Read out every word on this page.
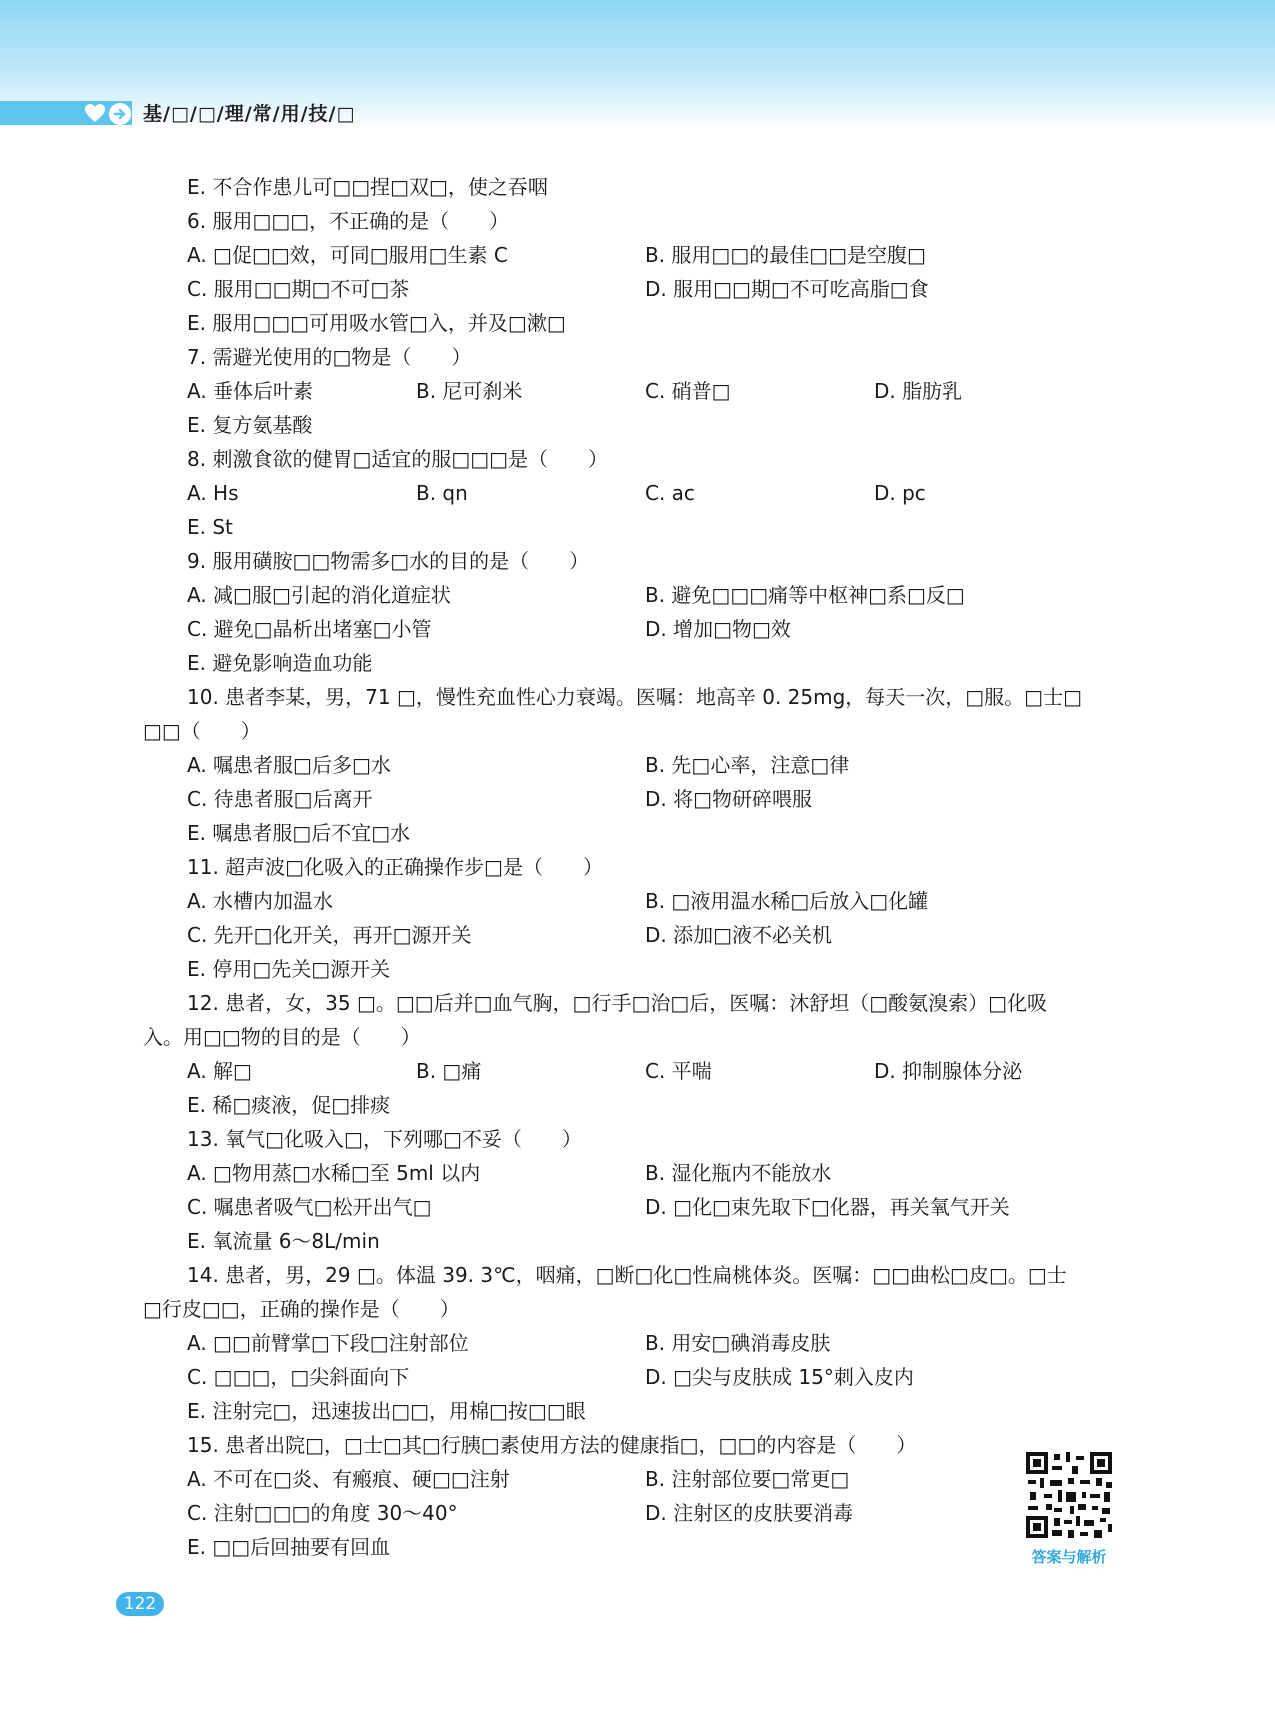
基/□/□/理/常/用/技/□
E. 不合作患儿可□□捏□双□，使之吞咽
6. 服用□□□，不正确的是（　　）
A. □促□□效，可同□服用□生素 C	B. 服用□□的最佳□□是空腹□
C. 服用□□期□不可□茶	D. 服用□□期□不可吃高脂□食
E. 服用□□□可用吸水管□入，并及□漱□
7. 需避光使用的□物是（　　）
A. 垂体后叶素	B. 尼可刹米	C. 硝普□	D. 脂肪乳
E. 复方氨基酸
8. 刺激食欲的健胃□适宜的服□□□是（　　）
A. Hs	B. qn	C. ac	D. pc
E. St
9. 服用磺胺□□物需多□水的目的是（　　）
A. 减□服□引起的消化道症状	B. 避免□□□痛等中枢神□系□反□
C. 避免□晶析出堵塞□小管	D. 增加□物□效
E. 避免影响造血功能
10. 患者李某，男，71 □，慢性充血性心力衰竭。医嘱：地高辛 0. 25mg，每天一次，□服。□士□
□□（　　）
A. 嘱患者服□后多□水	B. 先□心率，注意□律
C. 待患者服□后离开	D. 将□物研碎喂服
E. 嘱患者服□后不宜□水
11. 超声波□化吸入的正确操作步□是（　　）
A. 水槽内加温水	B. □液用温水稀□后放入□化罐
C. 先开□化开关，再开□源开关	D. 添加□液不必关机
E. 停用□先关□源开关
12. 患者，女，35 □。□□后并□血气胸，□行手□治□后，医嘱：沐舒坦（□酸氨溴索）□化吸
入。用□□物的目的是（　　）
A. 解□	B. □痛	C. 平喘	D. 抑制腺体分泌
E. 稀□痰液，促□排痰
13. 氧气□化吸入□，下列哪□不妥（　　）
A. □物用蒸□水稀□至 5ml 以内	B. 湿化瓶内不能放水
C. 嘱患者吸气□松开出气□	D. □化□束先取下□化器，再关氧气开关
E. 氧流量 6～8L/min
14. 患者，男，29 □。体温 39. 3℃，咽痛，□断□化□性扁桃体炎。医嘱：□□曲松□皮□。□士
□行皮□□，正确的操作是（　　）
A. □□前臂掌□下段□注射部位	B. 用安□碘消毒皮肤
C. □□□，□尖斜面向下	D. □尖与皮肤成 15°刺入皮内
E. 注射完□，迅速拔出□□，用棉□按□□眼
15. 患者出院□，□士□其□行胰□素使用方法的健康指□，□□的内容是（　　）
A. 不可在□炎、有瘢痕、硬□□注射	B. 注射部位要□常更□
C. 注射□□□的角度 30～40°	D. 注射区的皮肤要消毒
E. □□后回抽要有回血	答案与解析
122
